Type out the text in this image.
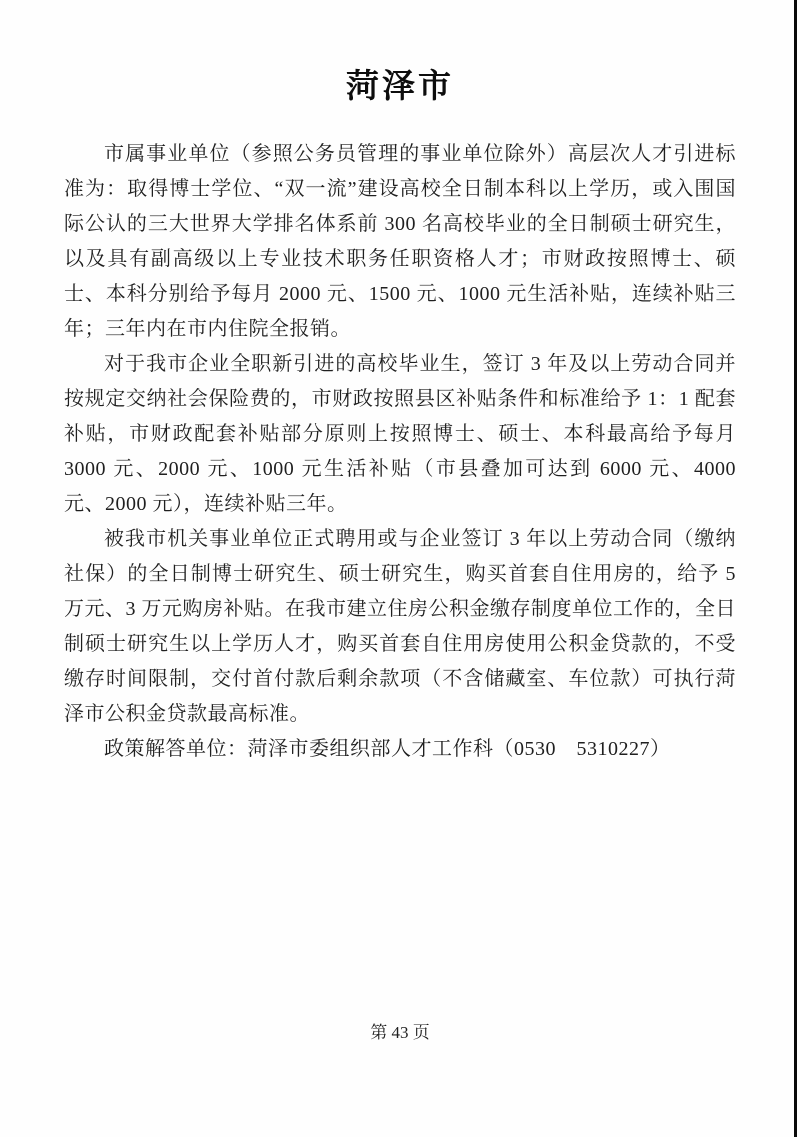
菏泽市

市属事业单位（参照公务员管理的事业单位除外）高层次人才引进标准为：取得博士学位、“双一流”建设高校全日制本科以上学历，或入围国际公认的三大世界大学排名体系前 300 名高校毕业的全日制硕士研究生，以及具有副高级以上专业技术职务任职资格人才；市财政按照博士、硕士、本科分别给予每月 2000 元、1500 元、1000 元生活补贴，连续补贴三年；三年内在市内住院全报销。

对于我市企业全职新引进的高校毕业生，签订 3 年及以上劳动合同并按规定交纳社会保险费的，市财政按照县区补贴条件和标准给予 1：1 配套补贴，市财政配套补贴部分原则上按照博士、硕士、本科最高给予每月 3000 元、2000 元、1000 元生活补贴（市县叠加可达到 6000 元、4000 元、2000 元），连续补贴三年。

被我市机关事业单位正式聘用或与企业签订 3 年以上劳动合同（缴纳社保）的全日制博士研究生、硕士研究生，购买首套自住用房的，给予 5 万元、3 万元购房补贴。在我市建立住房公积金缴存制度单位工作的，全日制硕士研究生以上学历人才，购买首套自住用房使用公积金贷款的，不受缴存时间限制，交付首付款后剩余款项（不含储藏室、车位款）可执行菏泽市公积金贷款最高标准。

政策解答单位：菏泽市委组织部人才工作科（0530　5310227）

第 43 页
